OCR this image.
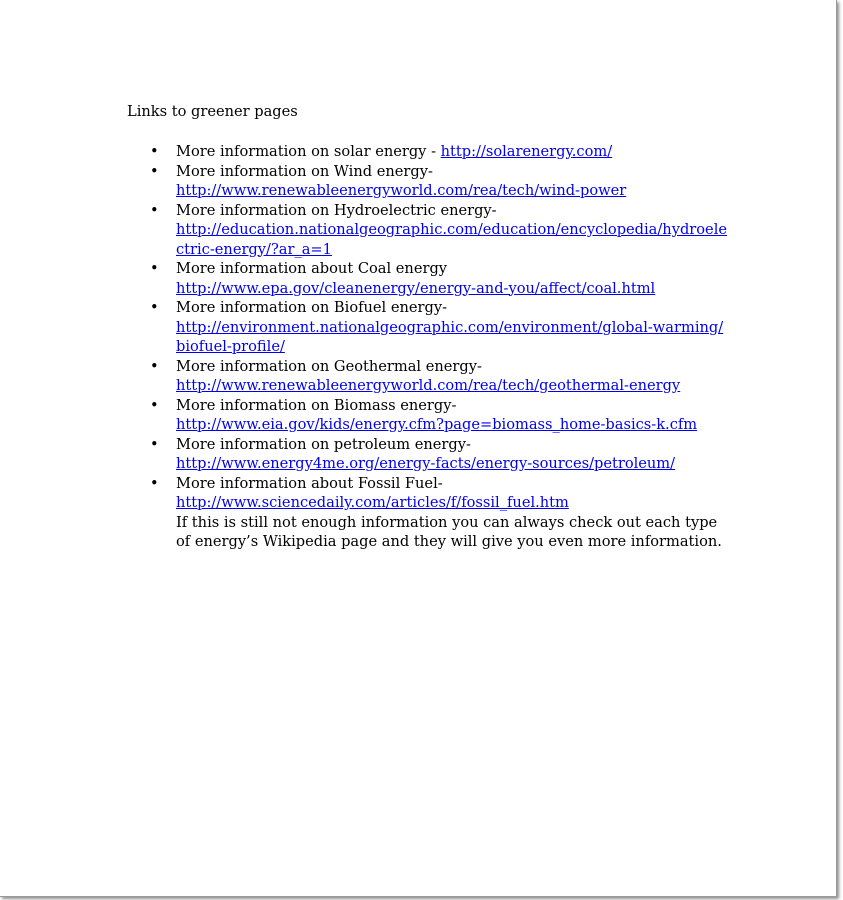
Links to greener pages

• More information on solar energy - http://solarenergy.com/
• More information on Wind energy-
http://www.renewableenergyworld.com/rea/tech/wind-power
• More information on Hydroelectric energy-
http://education.nationalgeographic.com/education/encyclopedia/hydroelectric-energy/?ar_a=1
• More information about Coal energy
http://www.epa.gov/cleanenergy/energy-and-you/affect/coal.html
• More information on Biofuel energy-
http://environment.nationalgeographic.com/environment/global-warming/biofuel-profile/
• More information on Geothermal energy-
http://www.renewableenergyworld.com/rea/tech/geothermal-energy
• More information on Biomass energy-
http://www.eia.gov/kids/energy.cfm?page=biomass_home-basics-k.cfm
• More information on petroleum energy-
http://www.energy4me.org/energy-facts/energy-sources/petroleum/
• More information about Fossil Fuel-
http://www.sciencedaily.com/articles/f/fossil_fuel.htm
If this is still not enough information you can always check out each type of energy’s Wikipedia page and they will give you even more information.
